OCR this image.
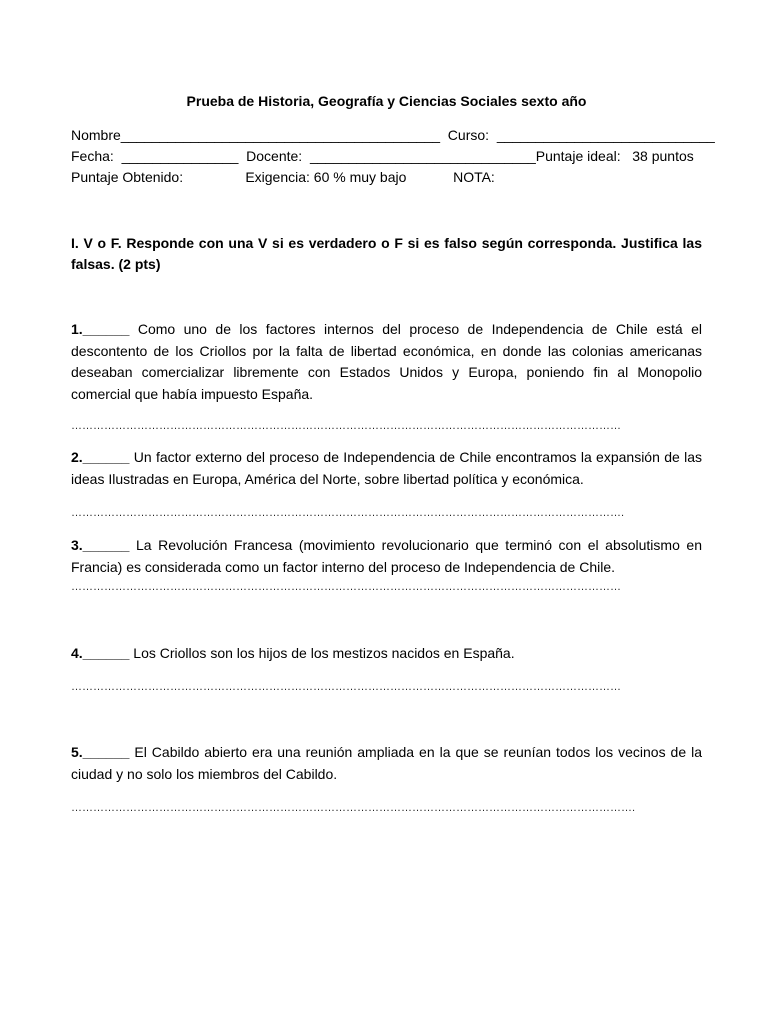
Prueba de Historia, Geografía y Ciencias Sociales sexto año
Nombre_________________________________________  Curso:  ____________________________
Fecha:  _______________  Docente:  _____________________________Puntaje ideal:   38 puntos
Puntaje Obtenido:                Exigencia: 60 % muy bajo            NOTA:
I. V o F. Responde con una V si es verdadero o F si es falso según corresponda. Justifica las falsas. (2 pts)
1.______ Como uno de los factores internos del proceso de Independencia de Chile está el descontento de los Criollos por la falta de libertad económica, en donde las colonias americanas deseaban comercializar libremente con Estados Unidos y Europa, poniendo fin al Monopolio comercial que había impuesto España.
……………………………………………………………………………………………………………………………………
2.______ Un factor externo del proceso de Independencia de Chile encontramos la expansión de las ideas Ilustradas en Europa, América del Norte, sobre libertad política y económica.
…………………………………………………………………………………………………………………………………….
3.______ La Revolución Francesa (movimiento revolucionario que terminó con el absolutismo en Francia) es considerada como un factor interno del proceso de Independencia de Chile.
……………………………………………………………………………………………………………………………………
4.______ Los Criollos son los hijos de los mestizos nacidos en España.
……………………………………………………………………………………………………………………………………
5.______ El Cabildo abierto era una reunión ampliada en la que se reunían todos los vecinos de la ciudad y no solo los miembros del Cabildo.
……………………………………………………………………………………………………………………………………….
